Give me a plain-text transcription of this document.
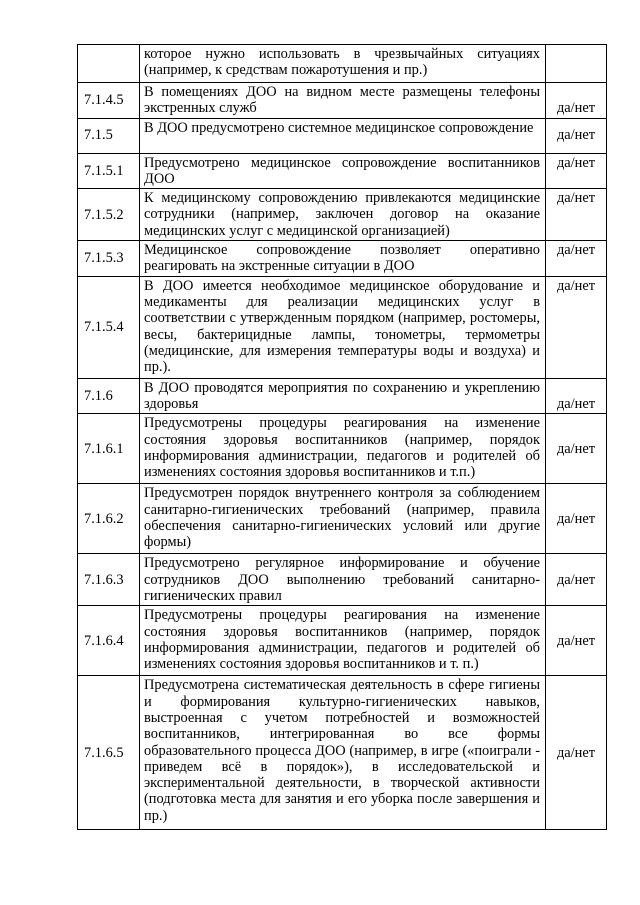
	которое нужно использовать в чрезвычайных ситуациях (например, к средствам пожаротушения и пр.)	
7.1.4.5	В помещениях ДОО на видном месте размещены телефоны экстренных служб	да/нет
7.1.5	В ДОО предусмотрено системное медицинское сопровождение	да/нет
7.1.5.1	Предусмотрено медицинское сопровождение воспитанников ДОО	да/нет
7.1.5.2	К медицинскому сопровождению привлекаются медицинские сотрудники (например, заключен договор на оказание медицинских услуг с медицинской организацией)	да/нет
7.1.5.3	Медицинское сопровождение позволяет оперативно реагировать на экстренные ситуации в ДОО	да/нет
7.1.5.4	В ДОО имеется необходимое медицинское оборудование и медикаменты для реализации медицинских услуг в соответствии с утвержденным порядком (например, ростомеры, весы, бактерицидные лампы, тонометры, термометры (медицинские, для измерения температуры воды и воздуха) и пр.).	да/нет
7.1.6	В ДОО проводятся мероприятия по сохранению и укреплению здоровья	да/нет
7.1.6.1	Предусмотрены процедуры реагирования на изменение состояния здоровья воспитанников (например, порядок информирования администрации, педагогов и родителей об изменениях состояния здоровья воспитанников и т.п.)	да/нет
7.1.6.2	Предусмотрен порядок внутреннего контроля за соблюдением санитарно-гигиенических требований (например, правила обеспечения санитарно-гигиенических условий или другие формы)	да/нет
7.1.6.3	Предусмотрено регулярное информирование и обучение сотрудников ДОО выполнению требований санитарно-гигиенических правил	да/нет
7.1.6.4	Предусмотрены процедуры реагирования на изменение состояния здоровья воспитанников (например, порядок информирования администрации, педагогов и родителей об изменениях состояния здоровья воспитанников и т. п.)	да/нет
7.1.6.5	Предусмотрена систематическая деятельность в сфере гигиены и формирования культурно-гигиенических навыков, выстроенная с учетом потребностей и возможностей воспитанников, интегрированная во все формы образовательного процесса ДОО (например, в игре («поиграли - приведем всё в порядок»), в исследовательской и экспериментальной деятельности, в творческой активности (подготовка места для занятия и его уборка после завершения и пр.)	да/нет
